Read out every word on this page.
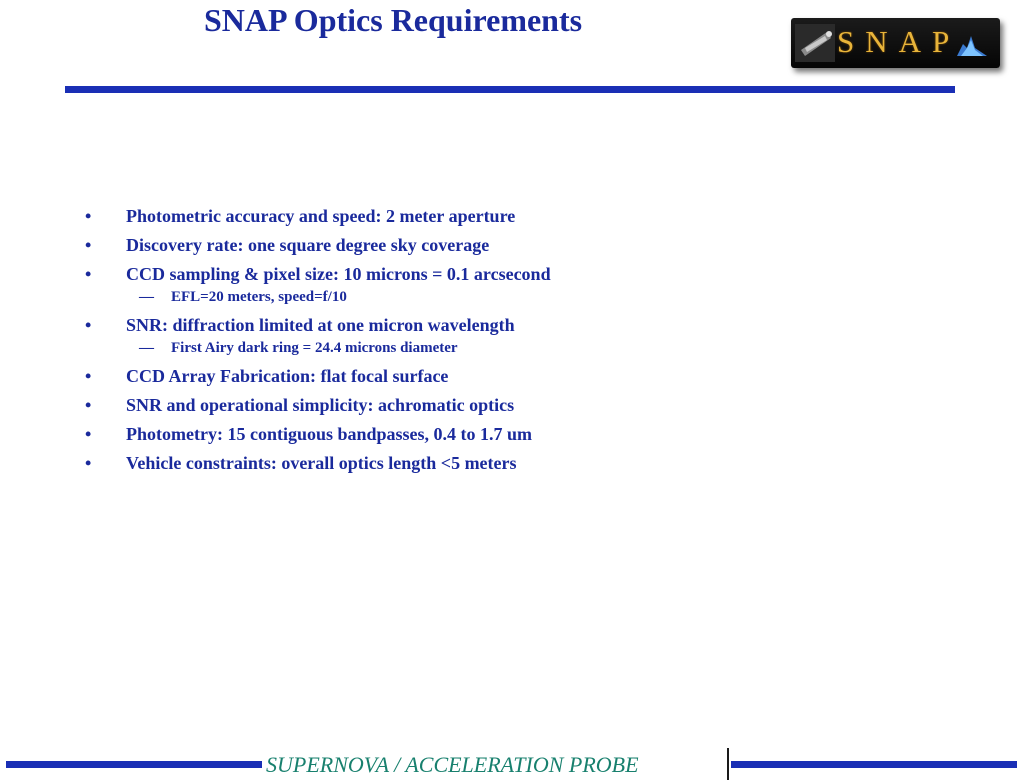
SNAP Optics Requirements
SNAP
• Photometric accuracy and speed: 2 meter aperture
• Discovery rate: one square degree sky coverage
• CCD sampling & pixel size: 10 microns = 0.1 arcsecond
— EFL=20 meters, speed=f/10
• SNR: diffraction limited at one micron wavelength
— First Airy dark ring = 24.4 microns diameter
• CCD Array Fabrication: flat focal surface
• SNR and operational simplicity: achromatic optics
• Photometry: 15 contiguous bandpasses, 0.4 to 1.7 um
• Vehicle constraints: overall optics length <5 meters
SUPERNOVA / ACCELERATION PROBE
